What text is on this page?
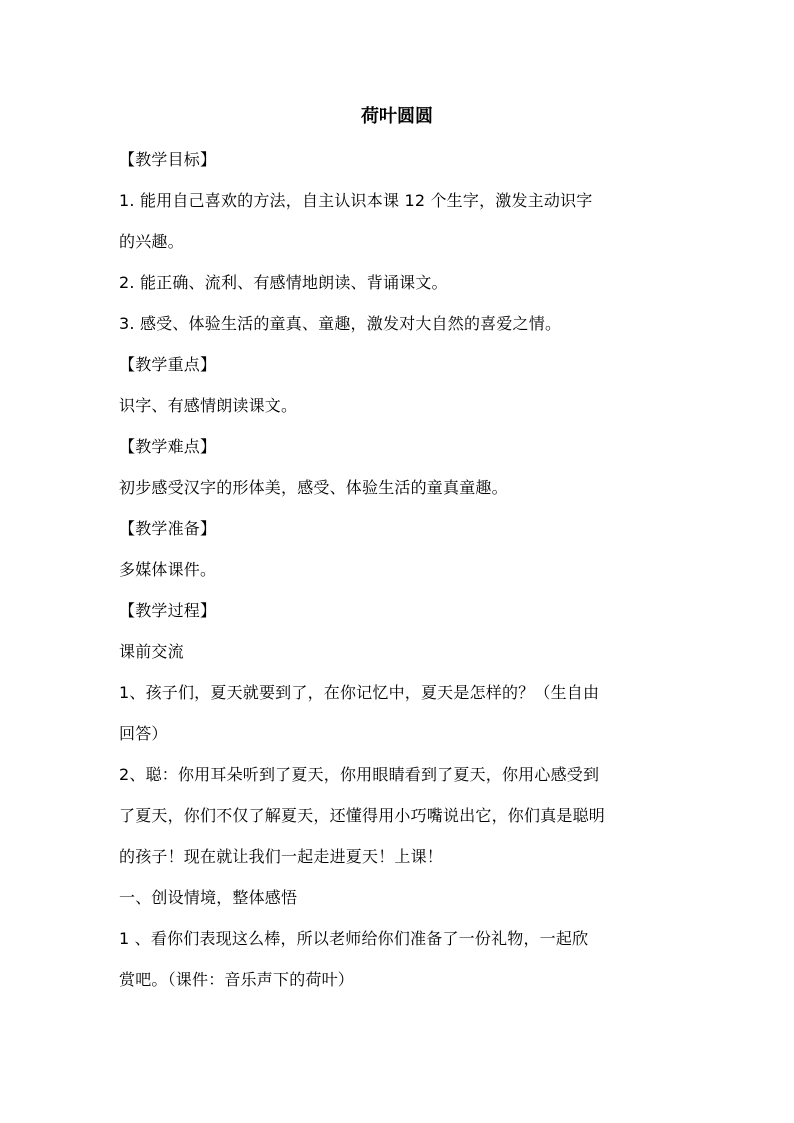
荷叶圆圆
【教学目标】
1. 能用自己喜欢的方法，自主认识本课 12 个生字，激发主动识字
的兴趣。
2. 能正确、流利、有感情地朗读、背诵课文。
3. 感受、体验生活的童真、童趣，激发对大自然的喜爱之情。
【教学重点】
识字、有感情朗读课文。
【教学难点】
初步感受汉字的形体美，感受、体验生活的童真童趣。
【教学准备】
多媒体课件。
【教学过程】
课前交流
1、孩子们，夏天就要到了，在你记忆中，夏天是怎样的？（生自由
回答）
2、聪：你用耳朵听到了夏天，你用眼睛看到了夏天，你用心感受到
了夏天，你们不仅了解夏天，还懂得用小巧嘴说出它，你们真是聪明
的孩子！现在就让我们一起走进夏天！上课！
一、创设情境，整体感悟
1 、看你们表现这么棒，所以老师给你们准备了一份礼物，一起欣
赏吧。（课件：音乐声下的荷叶）
